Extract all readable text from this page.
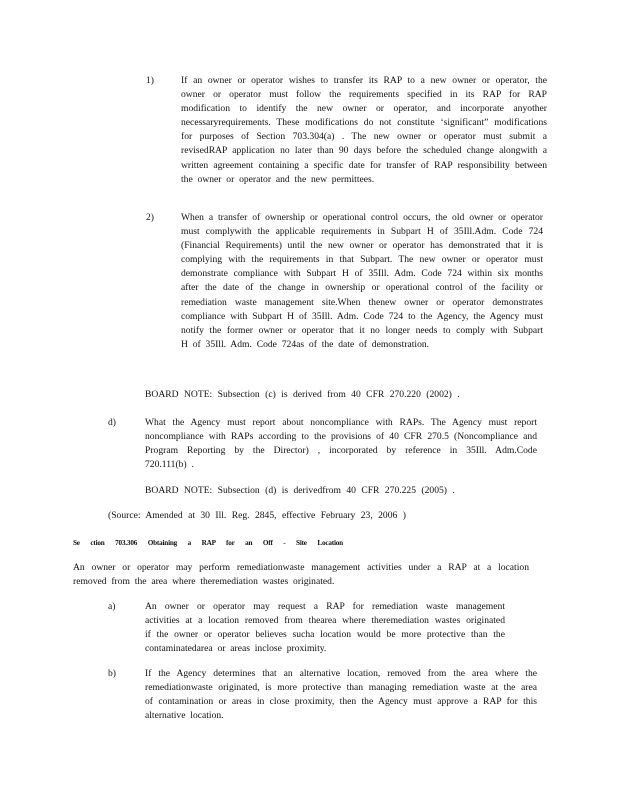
1)	If an owner or operator wishes to transfer its RAP to a new owner or operator, the owner or operator must follow the requirements specified in its RAP for RAP modification to identify the new owner or operator, and incorporate anyother necessaryrequirements. These modifications do not constitute ‘significant” modifications for purposes of Section 703.304(a) . The new owner or operator must submit a revisedRAP application no later than 90 days before the scheduled change alongwith a written agreement containing a specific date for transfer of RAP responsibility between the owner or operator and the new permittees.
2)	When a transfer of ownership or operational control occurs, the old owner or operator must complywith the applicable requirements in Subpart H of 35Ill.Adm. Code 724 (Financial Requirements) until the new owner or operator has demonstrated that it is complying with the requirements in that Subpart. The new owner or operator must demonstrate compliance with Subpart H of 35Ill. Adm. Code 724 within six months after the date of the change in ownership or operational control of the facility or remediation waste management site.When thenew owner or operator demonstrates compliance with Subpart H of 35Ill. Adm. Code 724 to the Agency, the Agency must notify the former owner or operator that it no longer needs to comply with Subpart H of 35Ill. Adm. Code 724as of the date of demonstration.
BOARD NOTE: Subsection (c) is derived from 40 CFR 270.220 (2002) .
d)	What the Agency must report about noncompliance with RAPs. The Agency must report noncompliance with RAPs according to the provisions of 40 CFR 270.5 (Noncompliance and Program Reporting by the Director) , incorporated by reference in 35Ill. Adm.Code 720.111(b) .
BOARD NOTE: Subsection (d) is derivedfrom 40 CFR 270.225 (2005) .
(Source: Amended at 30 Ill. Reg. 2845, effective February 23, 2006 )
Se ction 703.306 Obtaining a RAP for an Off - Site Location
An owner or operator may perform remediationwaste management activities under a RAP at a location removed from the area where theremediation wastes originated.
a)	An owner or operator may request a RAP for remediation waste management activities at a location removed from thearea where theremediation wastes originated if the owner or operator believes sucha location would be more protective than the contaminatedarea or areas inclose proximity.
b)	If the Agency determines that an alternative location, removed from the area where the remediationwaste originated, is more protective than managing remediation waste at the area of contamination or areas in close proximity, then the Agency must approve a RAP for this alternative location.
